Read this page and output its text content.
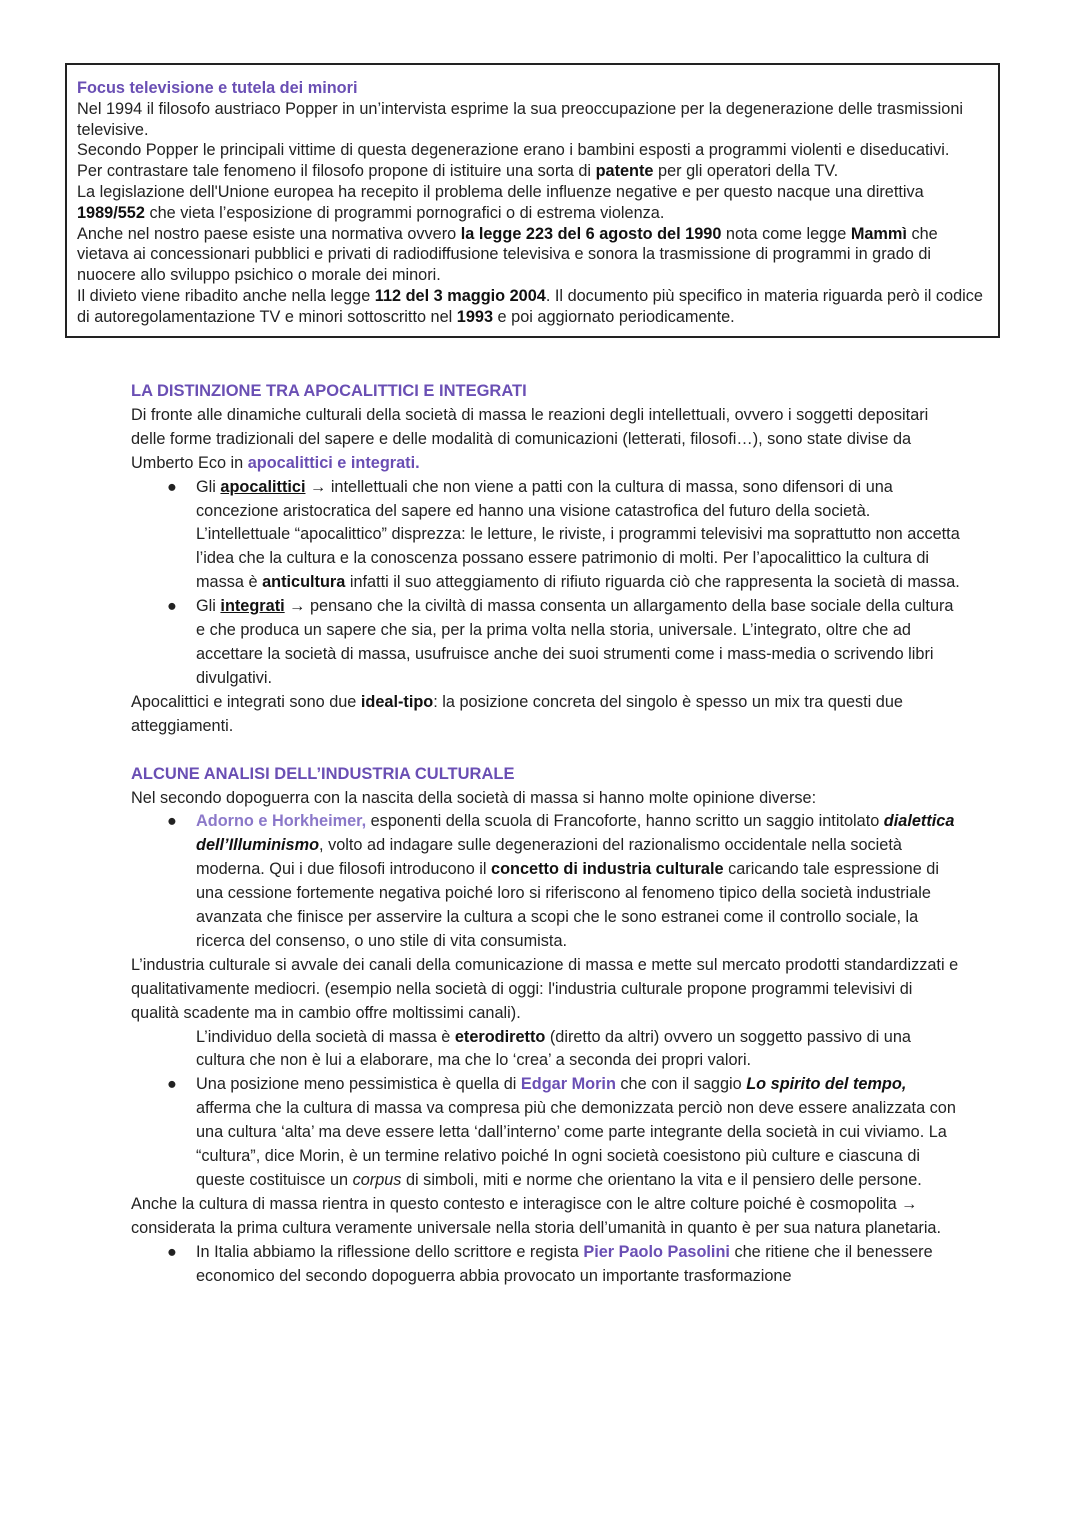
Focus televisione e tutela dei minori

Nel 1994 il filosofo austriaco Popper in un’intervista esprime la sua preoccupazione per la degenerazione delle trasmissioni televisive.

Secondo Popper le principali vittime di questa degenerazione erano i bambini esposti a programmi violenti e diseducativi.

Per contrastare tale fenomeno il filosofo propone di istituire una sorta di patente per gli operatori della TV.

La legislazione dell'Unione europea ha recepito il problema delle influenze negative e per questo nacque una direttiva 1989/552 che vieta l’esposizione di programmi pornografici o di estrema violenza.

Anche nel nostro paese esiste una normativa ovvero la legge 223 del 6 agosto del 1990 nota come legge Mammì che vietava ai concessionari pubblici e privati di radiodiffusione televisiva e sonora la trasmissione di programmi in grado di nuocere allo sviluppo psichico o morale dei minori.

Il divieto viene ribadito anche nella legge 112 del 3 maggio 2004. Il documento più specifico in materia riguarda però il codice di autoregolamentazione TV e minori sottoscritto nel 1993 e poi aggiornato periodicamente.

LA DISTINZIONE TRA APOCALITTICI E INTEGRATI

Di fronte alle dinamiche culturali della società di massa le reazioni degli intellettuali, ovvero i soggetti depositari delle forme tradizionali del sapere e delle modalità di comunicazioni (letterati, filosofi…), sono state divise da Umberto Eco in apocalittici e integrati.

● Gli apocalittici → intellettuali che non viene a patti con la cultura di massa, sono difensori di una concezione aristocratica del sapere ed hanno una visione catastrofica del futuro della società. L’intellettuale “apocalittico” disprezza: le letture, le riviste, i programmi televisivi ma soprattutto non accetta l’idea che la cultura e la conoscenza possano essere patrimonio di molti. Per l’apocalittico la cultura di massa è anticultura infatti il suo atteggiamento di rifiuto riguarda ciò che rappresenta la società di massa.
● Gli integrati → pensano che la civiltà di massa consenta un allargamento della base sociale della cultura e che produca un sapere che sia, per la prima volta nella storia, universale. L’integrato, oltre che ad accettare la società di massa, usufruisce anche dei suoi strumenti come i mass-media o scrivendo libri divulgativi.

Apocalittici e integrati sono due ideal-tipo: la posizione concreta del singolo è spesso un mix tra questi due atteggiamenti.

ALCUNE ANALISI DELL’INDUSTRIA CULTURALE

Nel secondo dopoguerra con la nascita della società di massa si hanno molte opinione diverse:

● Adorno e Horkheimer, esponenti della scuola di Francoforte, hanno scritto un saggio intitolato dialettica dell’Illuminismo, volto ad indagare sulle degenerazioni del razionalismo occidentale nella società moderna. Qui i due filosofi introducono il concetto di industria culturale caricando tale espressione di una cessione fortemente negativa poiché loro si riferiscono al fenomeno tipico della società industriale avanzata che finisce per asservire la cultura a scopi che le sono estranei come il controllo sociale, la ricerca del consenso, o uno stile di vita consumista.

L’industria culturale si avvale dei canali della comunicazione di massa e mette sul mercato prodotti standardizzati e qualitativamente mediocri. (esempio nella società di oggi: l'industria culturale propone programmi televisivi di qualità scadente ma in cambio offre moltissimi canali).

L’individuo della società di massa è eterodiretto (diretto da altri) ovvero un soggetto passivo di una cultura che non è lui a elaborare, ma che lo ‘crea’ a seconda dei propri valori.

● Una posizione meno pessimistica è quella di Edgar Morin che con il saggio Lo spirito del tempo, afferma che la cultura di massa va compresa più che demonizzata perciò non deve essere analizzata con una cultura ‘alta’ ma deve essere letta ‘dall’interno’ come parte integrante della società in cui viviamo. La “cultura”, dice Morin, è un termine relativo poiché In ogni società coesistono più culture e ciascuna di queste costituisce un corpus di simboli, miti e norme che orientano la vita e il pensiero delle persone.

Anche la cultura di massa rientra in questo contesto e interagisce con le altre colture poiché è cosmopolita → considerata la prima cultura veramente universale nella storia dell’umanità in quanto è per sua natura planetaria.

● In Italia abbiamo la riflessione dello scrittore e regista Pier Paolo Pasolini che ritiene che il benessere economico del secondo dopoguerra abbia provocato un importante trasformazione
